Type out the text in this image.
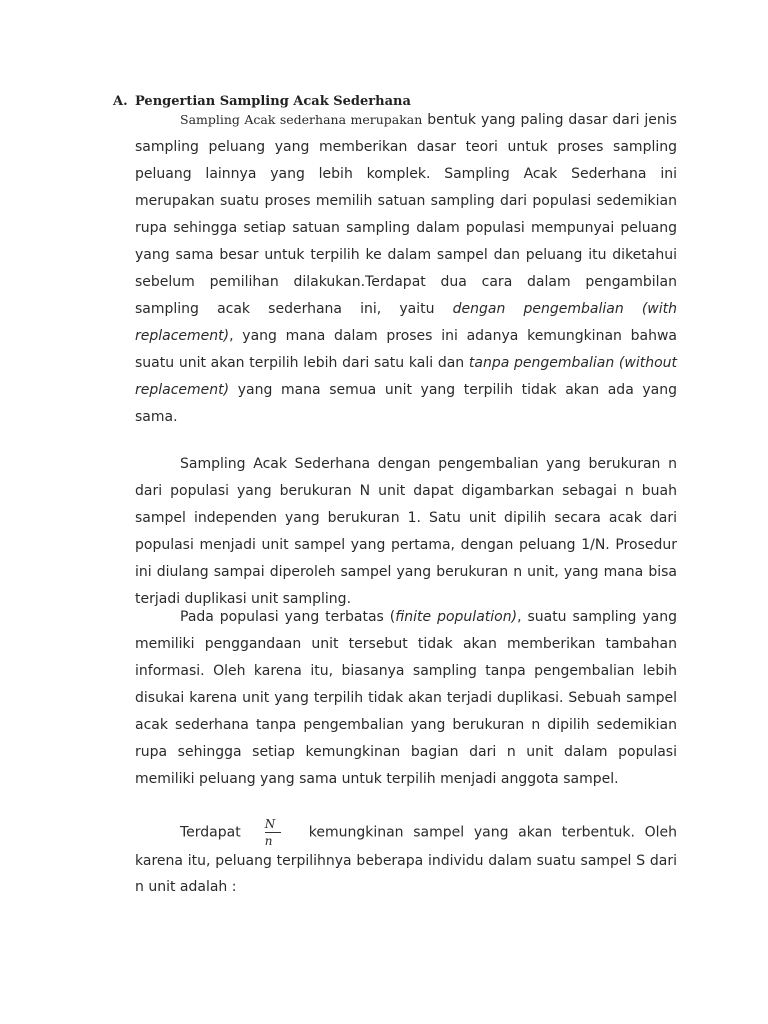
A. Pengertian Sampling Acak Sederhana

Sampling Acak sederhana merupakan bentuk yang paling dasar dari jenis sampling peluang yang memberikan dasar teori untuk proses sampling peluang lainnya yang lebih komplek. Sampling Acak Sederhana ini merupakan suatu proses memilih satuan sampling dari populasi sedemikian rupa sehingga setiap satuan sampling dalam populasi mempunyai peluang yang sama besar untuk terpilih ke dalam sampel dan peluang itu diketahui sebelum pemilihan dilakukan.Terdapat dua cara dalam pengambilan sampling acak sederhana ini, yaitu dengan pengembalian (with replacement), yang mana dalam proses ini adanya kemungkinan bahwa suatu unit akan terpilih lebih dari satu kali dan tanpa pengembalian (without replacement) yang mana semua unit yang terpilih tidak akan ada yang sama.

Sampling Acak Sederhana dengan pengembalian yang berukuran n dari populasi yang berukuran N unit dapat digambarkan sebagai n buah sampel independen yang berukuran 1. Satu unit dipilih secara acak dari populasi menjadi unit sampel yang pertama, dengan peluang 1/N. Prosedur ini diulang sampai diperoleh sampel yang berukuran n unit, yang mana bisa terjadi duplikasi unit sampling.

Pada populasi yang terbatas (finite population), suatu sampling yang memiliki penggandaan unit tersebut tidak akan memberikan tambahan informasi. Oleh karena itu, biasanya sampling tanpa pengembalian lebih disukai karena unit yang terpilih tidak akan terjadi duplikasi. Sebuah sampel acak sederhana tanpa pengembalian yang berukuran n dipilih sedemikian rupa sehingga setiap kemungkinan bagian dari n unit dalam populasi memiliki peluang yang sama untuk terpilih menjadi anggota sampel.

Terdapat $\frac{N}{n}$ kemungkinan sampel yang akan terbentuk. Oleh karena itu, peluang terpilihnya beberapa individu dalam suatu sampel S dari n unit adalah :
